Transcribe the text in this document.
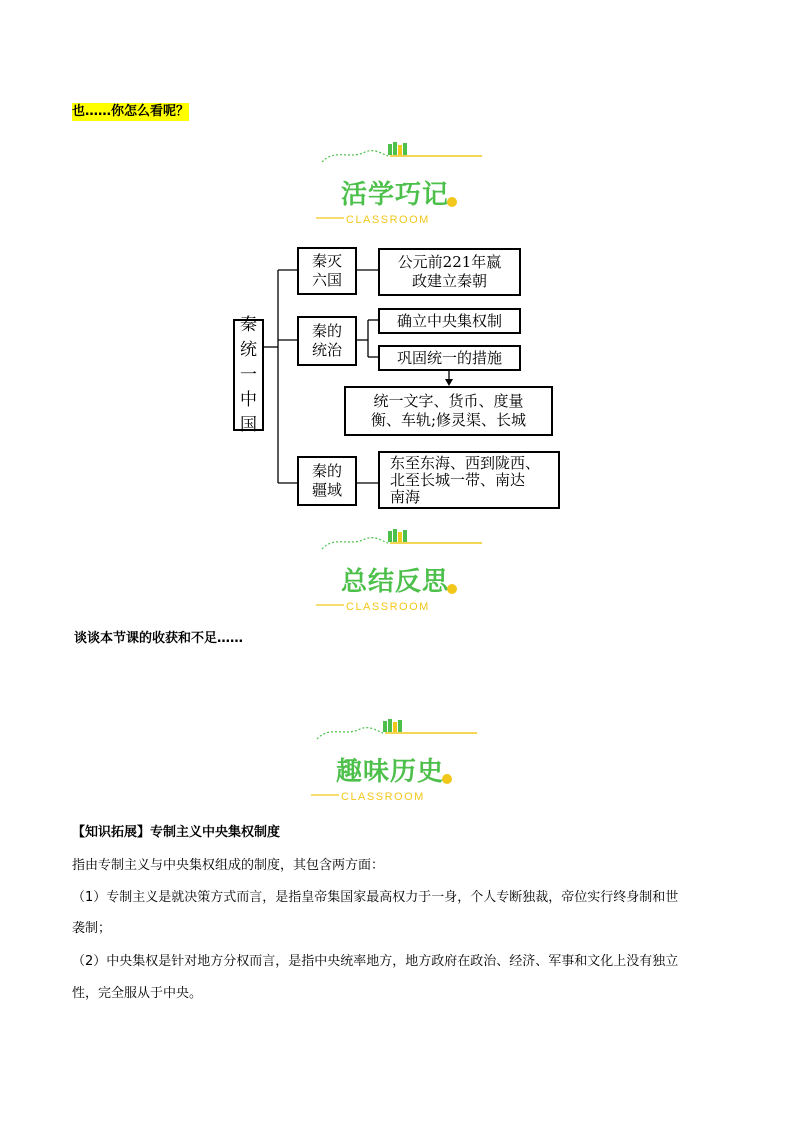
也……你怎么看呢？
活学巧记
CLASSROOM
秦
统
一
中
国
秦灭
六国
公元前221年嬴
政建立秦朝
秦的
统治
确立中央集权制
巩固统一的措施
统一文字、货币、度量
衡、车轨;修灵渠、长城
秦的
疆域
东至东海、西到陇西、
北至长城一带、南达
南海
总结反思
CLASSROOM
谈谈本节课的收获和不足……
趣味历史
CLASSROOM
【知识拓展】专制主义中央集权制度
指由专制主义与中央集权组成的制度，其包含两方面：
（1）专制主义是就决策方式而言，是指皇帝集国家最高权力于一身，个人专断独裁，帝位实行终身制和世
袭制；
（2）中央集权是针对地方分权而言，是指中央统率地方，地方政府在政治、经济、军事和文化上没有独立
性，完全服从于中央。
